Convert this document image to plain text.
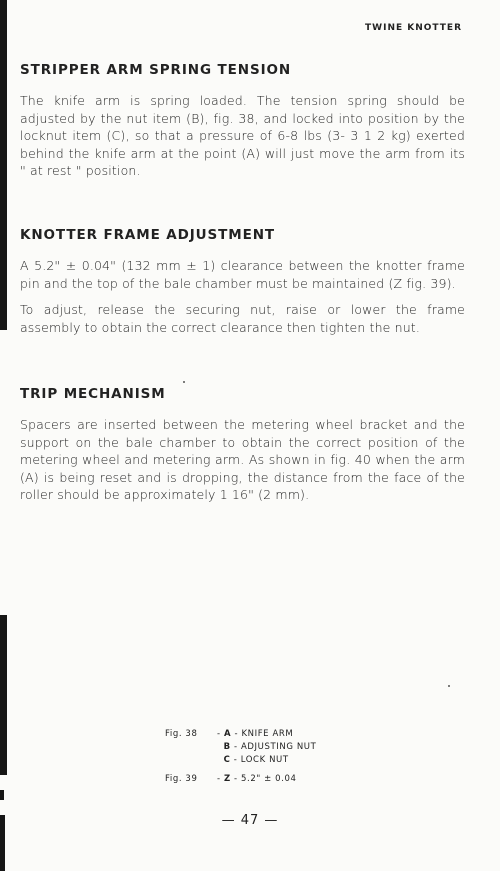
TWINE KNOTTER
STRIPPER ARM SPRING TENSION

The knife arm is spring loaded. The tension spring should be adjusted by the nut item (B), fig. 38, and locked into position by the locknut item (C), so that a pressure of 6-8 lbs (3- 3 1 2 kg) exerted behind the knife arm at the point (A) will just move the arm from its " at rest " position.

KNOTTER FRAME ADJUSTMENT

A 5.2" ± 0.04" (132 mm ± 1) clearance between the knotter frame pin and the top of the bale chamber must be maintained (Z fig. 39).

To adjust, release the securing nut, raise or lower the frame assembly to obtain the correct clearance then tighten the nut.

TRIP MECHANISM

Spacers are inserted between the metering wheel bracket and the support on the bale chamber to obtain the correct position of the metering wheel and metering arm. As shown in fig. 40 when the arm (A) is being reset and is dropping, the distance from the face of the roller should be approximately 1 16" (2 mm).

Fig. 38	- A - KNIFE ARM
B - ADJUSTING NUT
C - LOCK NUT
Fig. 39	- Z - 5.2" ± 0.04
— 47 —
